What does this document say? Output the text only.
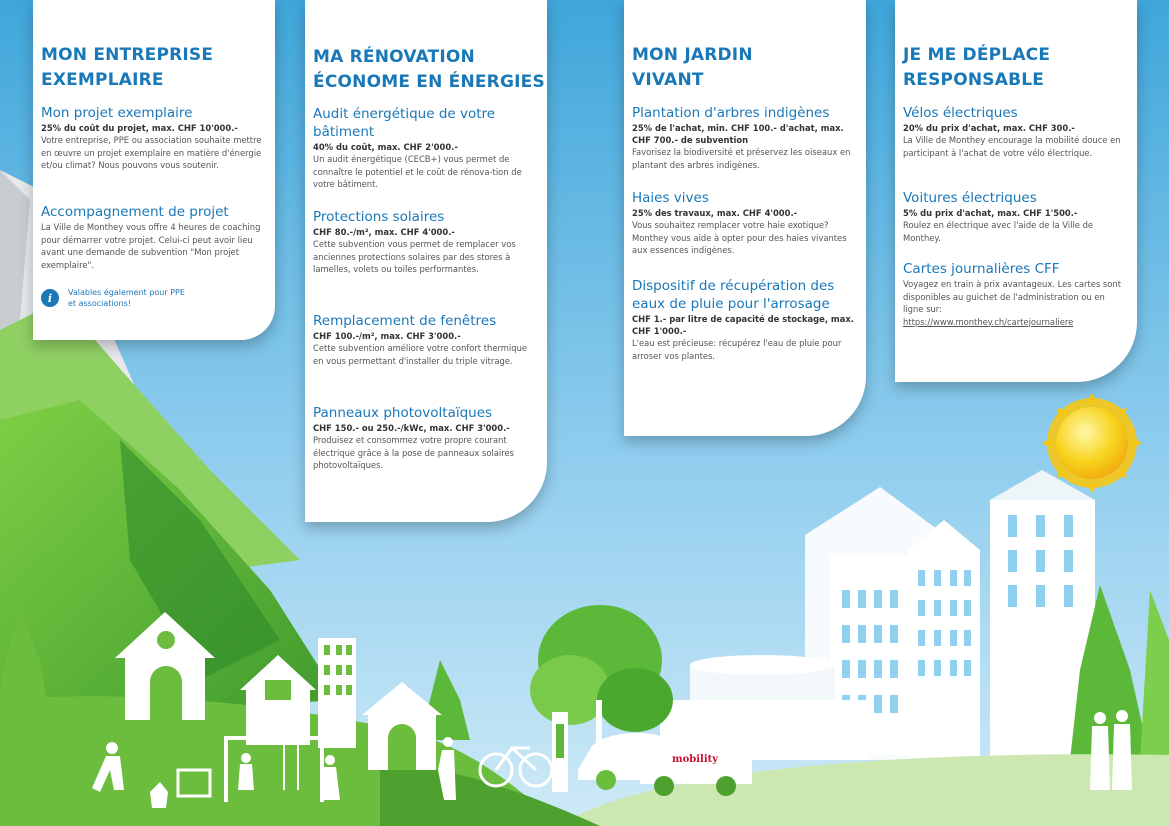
mobility
MON ENTREPRISE
EXEMPLAIRE
Mon projet exemplaire
25% du coût du projet, max. CHF 10'000.-
Votre entreprise, PPE ou association souhaite mettre en œuvre un projet exemplaire en matière d'énergie et/ou climat? Nous pouvons vous soutenir.
Accompagnement de projet
La Ville de Monthey vous offre 4 heures de coaching pour démarrer votre projet. Celui-ci peut avoir lieu avant une demande de subvention "Mon projet exemplaire".
i	Valables également pour PPE
et associations!
MA RÉNOVATION
ÉCONOME EN ÉNERGIES
Audit énergétique de votre bâtiment
40% du coût, max. CHF 2'000.-
Un audit énergétique (CECB+) vous permet de connaître le potentiel et le coût de rénova-tion de votre bâtiment.
Protections solaires
CHF 80.-/m², max. CHF 4'000.-
Cette subvention vous permet de remplacer vos anciennes protections solaires par des stores à lamelles, volets ou toiles performantes.
Remplacement de fenêtres
CHF 100.-/m², max. CHF 3'000.-
Cette subvention améliore votre confort thermique en vous permettant d'installer du triple vitrage.
Panneaux photovoltaïques
CHF 150.- ou 250.-/kWc, max. CHF 3'000.-
Produisez et consommez votre propre courant électrique grâce à la pose de panneaux solaires photovoltaïques.
MON JARDIN
VIVANT
Plantation d'arbres indigènes
25% de l'achat, min. CHF 100.- d'achat, max. CHF 700.- de subvention
Favorisez la biodiversité et préservez les oiseaux en plantant des arbres indigènes.
Haies vives
25% des travaux, max. CHF 4'000.-
Vous souhaitez remplacer votre haie exotique? Monthey vous aide à opter pour des haies vivantes aux essences indigènes.
Dispositif de récupération des eaux de pluie pour l'arrosage
CHF 1.- par litre de capacité de stockage, max. CHF 1'000.-
L'eau est précieuse: récupérez l'eau de pluie pour arroser vos plantes.
JE ME DÉPLACE
RESPONSABLE
Vélos électriques
20% du prix d'achat, max. CHF 300.-
La Ville de Monthey encourage la mobilité douce en participant à l'achat de votre vélo électrique.
Voitures électriques
5% du prix d'achat, max. CHF 1'500.-
Roulez en électrique avec l'aide de la Ville de Monthey.
Cartes journalières CFF
Voyagez en train à prix avantageux. Les cartes sont disponibles au guichet de l'administration ou en ligne sur:
https://www.monthey.ch/cartejournaliere
